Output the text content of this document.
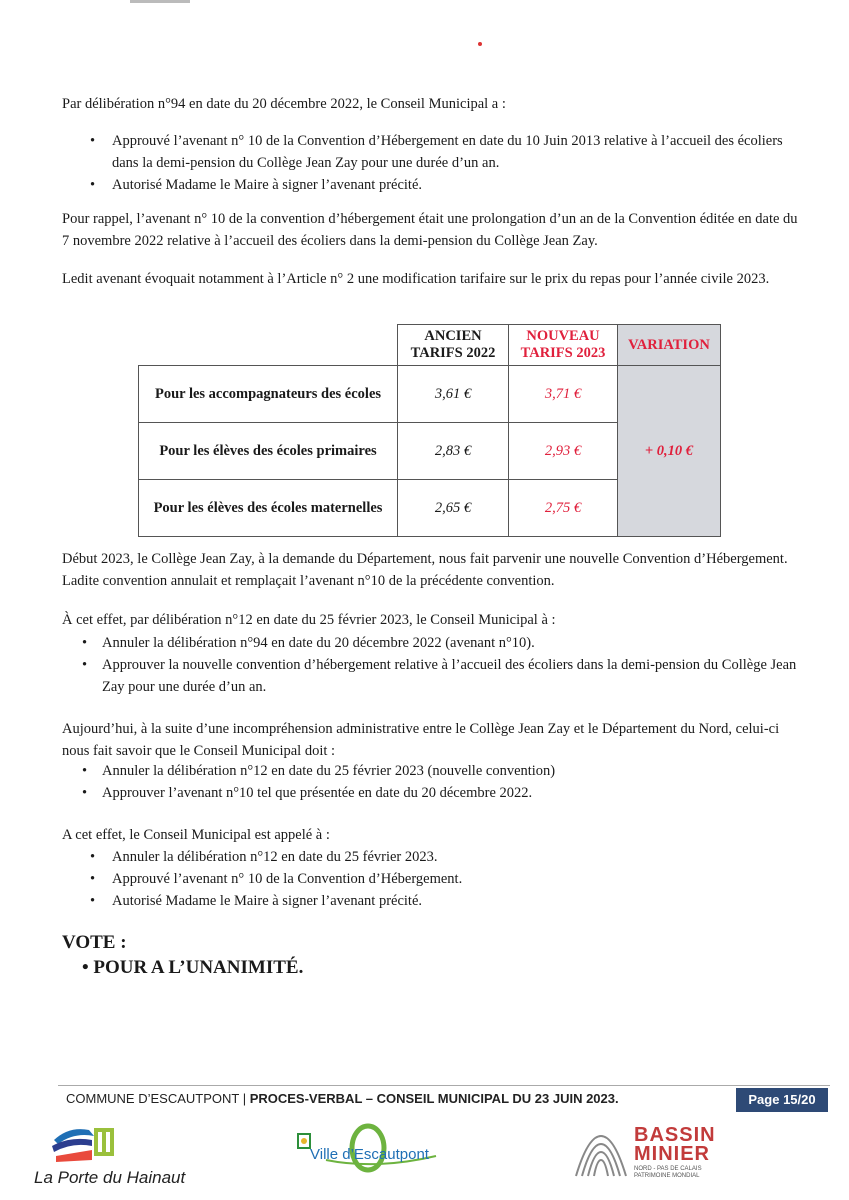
Par délibération n°94 en date du 20 décembre 2022, le Conseil Municipal a :

• Approuvé l’avenant n° 10 de la Convention d’Hébergement en date du 10 Juin 2013 relative à l’accueil des écoliers dans la demi-pension du Collège Jean Zay pour une durée d’un an.
• Autorisé Madame le Maire à signer l’avenant précité.

Pour rappel, l’avenant n° 10 de la convention d’hébergement était une prolongation d’un an de la Convention éditée en date du 7 novembre 2022 relative à l’accueil des écoliers dans la demi-pension du Collège Jean Zay.

Ledit avenant évoquait notamment à l’Article n° 2 une modification tarifaire sur le prix du repas pour l’année civile 2023.

	ANCIEN
TARIFS 2022	NOUVEAU
TARIFS 2023	VARIATION
Pour les accompagnateurs des écoles	3,61 €	3,71 €	+ 0,10 €
Pour les élèves des écoles primaires	2,83 €	2,93 €	
Pour les élèves des écoles maternelles	2,65 €	2,75 €	

Début 2023, le Collège Jean Zay, à la demande du Département, nous fait parvenir une nouvelle Convention d’Hébergement. Ladite convention annulait et remplaçait l’avenant n°10 de la précédente convention.

À cet effet, par délibération n°12 en date du 25 février 2023, le Conseil Municipal à :

• Annuler la délibération n°94 en date du 20 décembre 2022 (avenant n°10).
• Approuver la nouvelle convention d’hébergement relative à l’accueil des écoliers dans la demi-pension du Collège Jean Zay pour une durée d’un an.

Aujourd’hui, à la suite d’une incompréhension administrative entre le Collège Jean Zay et le Département du Nord, celui-ci nous fait savoir que le Conseil Municipal doit :

• Annuler la délibération n°12 en date du 25 février 2023 (nouvelle convention)
• Approuver l’avenant n°10 tel que présentée en date du 20 décembre 2022.

A cet effet, le Conseil Municipal est appelé à :

• Annuler la délibération n°12 en date du 25 février 2023.
• Approuvé l’avenant n° 10 de la Convention d’Hébergement.
• Autorisé Madame le Maire à signer l’avenant précité.

VOTE :

• POUR A L’UNANIMITÉ.

COMMUNE D’ESCAUTPONT | PROCES-VERBAL – CONSEIL MUNICIPAL DU 23 JUIN 2023.	Page 15/20
La Porte du Hainaut
Ville d’Escautpont
BASSIN
MINIER
NORD - PAS DE CALAIS
PATRIMOINE MONDIAL
